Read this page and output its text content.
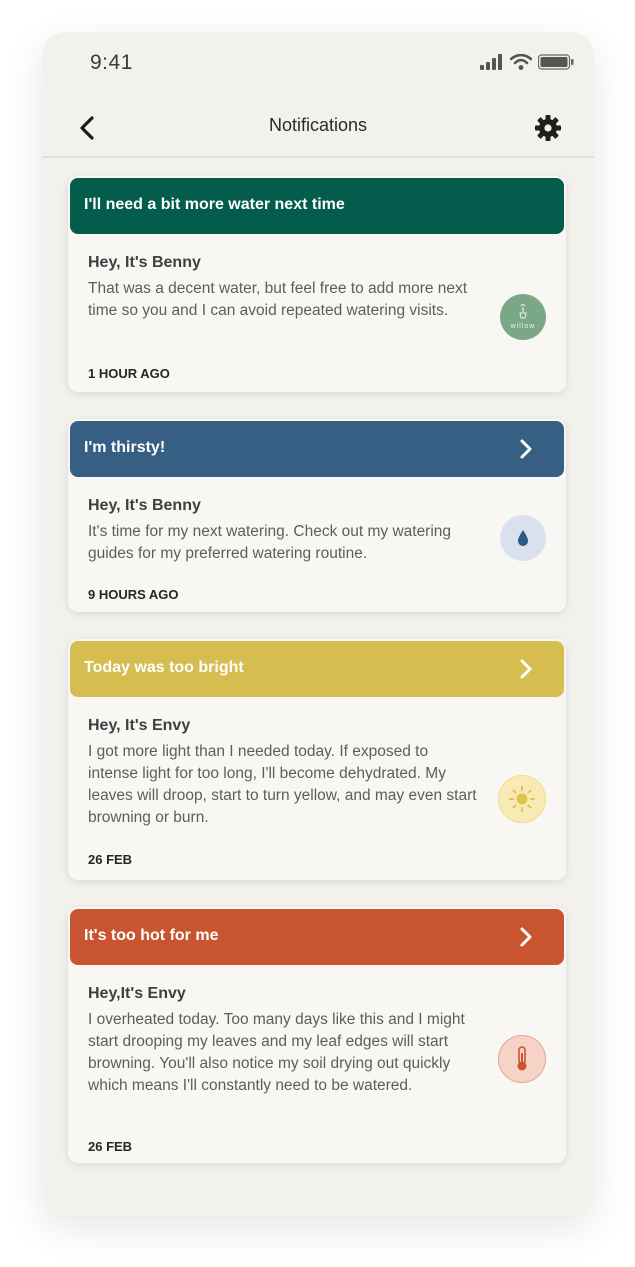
9:41
Notifications
I'll need a bit more water next time
Hey, It's Benny
That was a decent water, but feel free to add more next time so you and I can avoid repeated watering visits.
1 HOUR AGO
willow
I'm thirsty!
Hey, It's Benny
It's time for my next watering. Check out my watering guides for my preferred watering routine.
9 HOURS AGO
Today was too bright
Hey, It's Envy
I got more light than I needed today. If exposed to intense light for too long, I'll become dehydrated. My leaves will droop, start to turn yellow, and may even start browning or burn.
26 FEB
It's too hot for me
Hey,It's Envy
I overheated today. Too many days like this and I might start drooping my leaves and my leaf edges will start browning. You'll also notice my soil drying out quickly which means I'll constantly need to be watered.
26 FEB
